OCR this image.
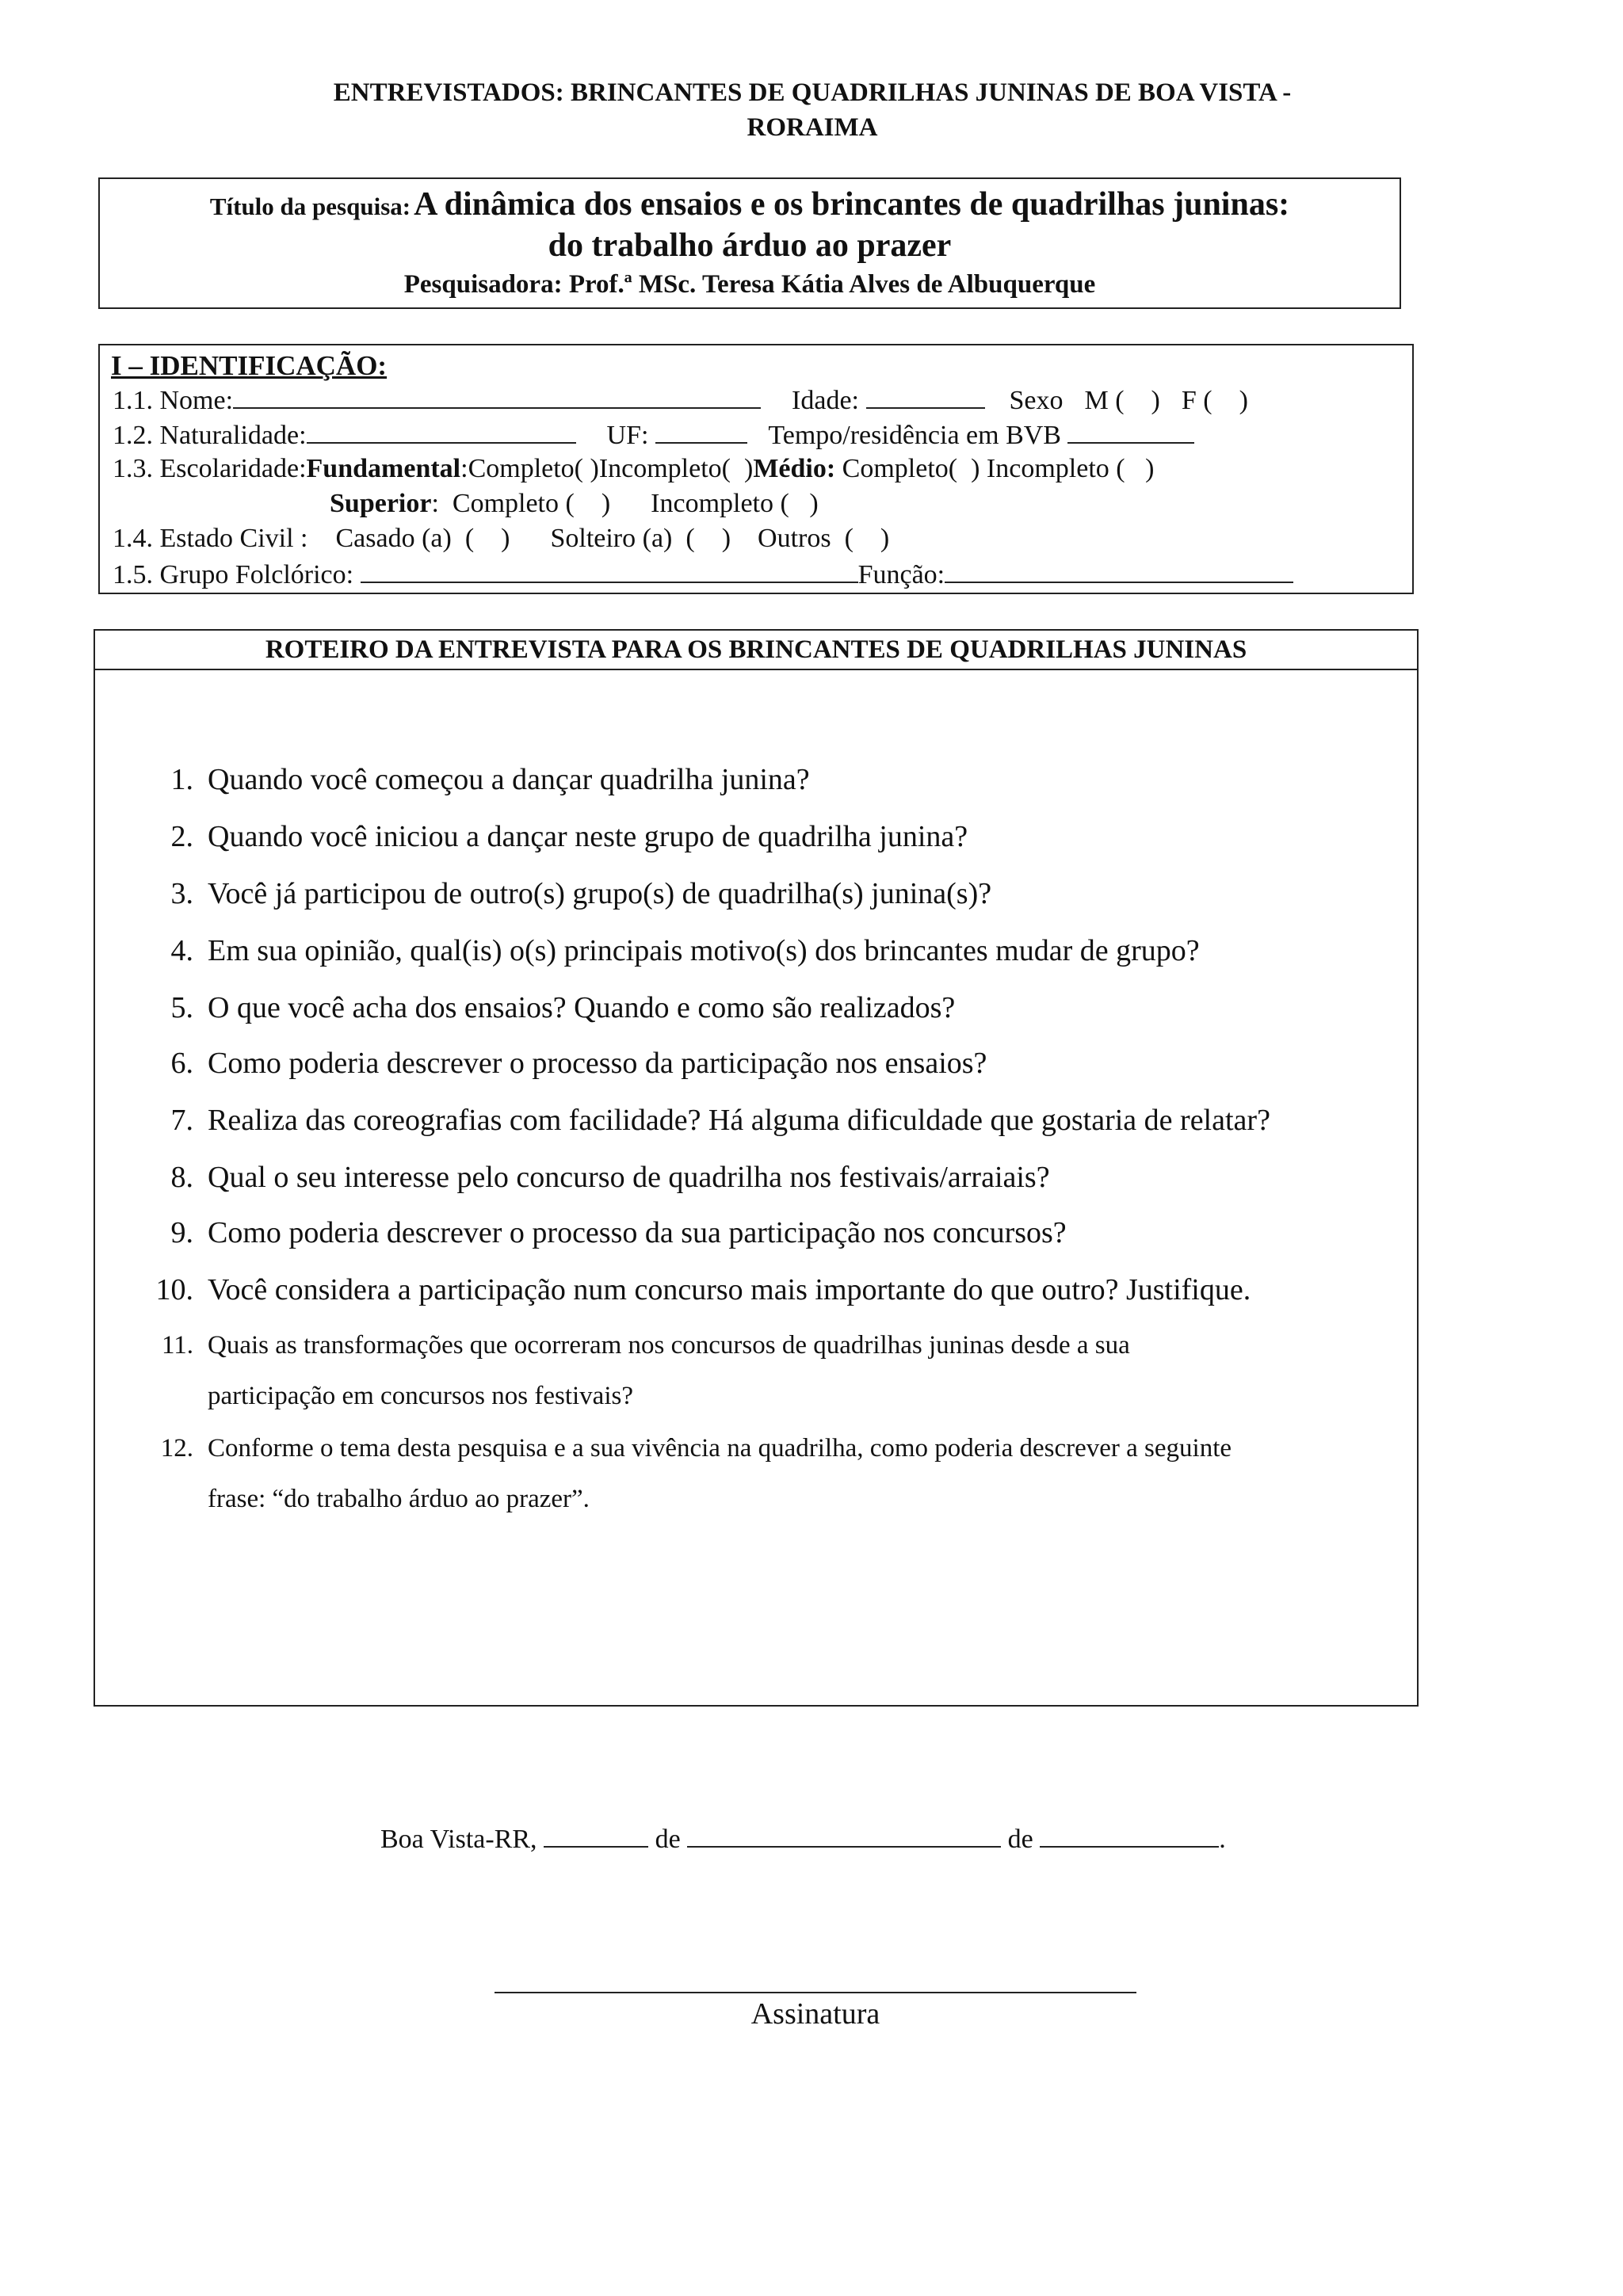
ENTREVISTADOS: BRINCANTES DE QUADRILHAS JUNINAS DE BOA VISTA -
RORAIMA
Título da pesquisa: A dinâmica dos ensaios e os brincantes de quadrilhas juninas:
do trabalho árduo ao prazer
Pesquisadora: Prof.ª MSc. Teresa Kátia Alves de Albuquerque
I – IDENTIFICAÇÃO:
1.1. Nome:	Idade:	Sexo M (    ) F (    )
1.2. Naturalidade:	UF:	Tempo/residência em BVB
1.3. Escolaridade:Fundamental:Completo( )Incompleto(  )Médio: Completo(  ) Incompleto (   )
Superior:  Completo (    )      Incompleto (   )
1.4. Estado Civil : Casado (a)  (    )      Solteiro (a)  (    )    Outros  (    )
1.5. Grupo Folclórico:	Função:
ROTEIRO DA ENTREVISTA PARA OS BRINCANTES DE QUADRILHAS JUNINAS
1. Quando você começou a dançar quadrilha junina?
2. Quando você iniciou a dançar neste grupo de quadrilha junina?
3. Você já participou de outro(s) grupo(s) de quadrilha(s) junina(s)?
4. Em sua opinião, qual(is) o(s) principais motivo(s) dos brincantes mudar de grupo?
5. O que você acha dos ensaios? Quando e como são realizados?
6. Como poderia descrever o processo da participação nos ensaios?
7. Realiza das coreografias com facilidade? Há alguma dificuldade que gostaria de relatar?
8. Qual o seu interesse pelo concurso de quadrilha nos festivais/arraiais?
9. Como poderia descrever o processo da sua participação nos concursos?
10. Você considera a participação num concurso mais importante do que outro? Justifique.
11. Quais as transformações que ocorreram nos concursos de quadrilhas juninas desde a sua
participação em concursos nos festivais?
12. Conforme o tema desta pesquisa e a sua vivência na quadrilha, como poderia descrever a seguinte
frase: “do trabalho árduo ao prazer”.
Boa Vista-RR,	de	de	.
Assinatura
